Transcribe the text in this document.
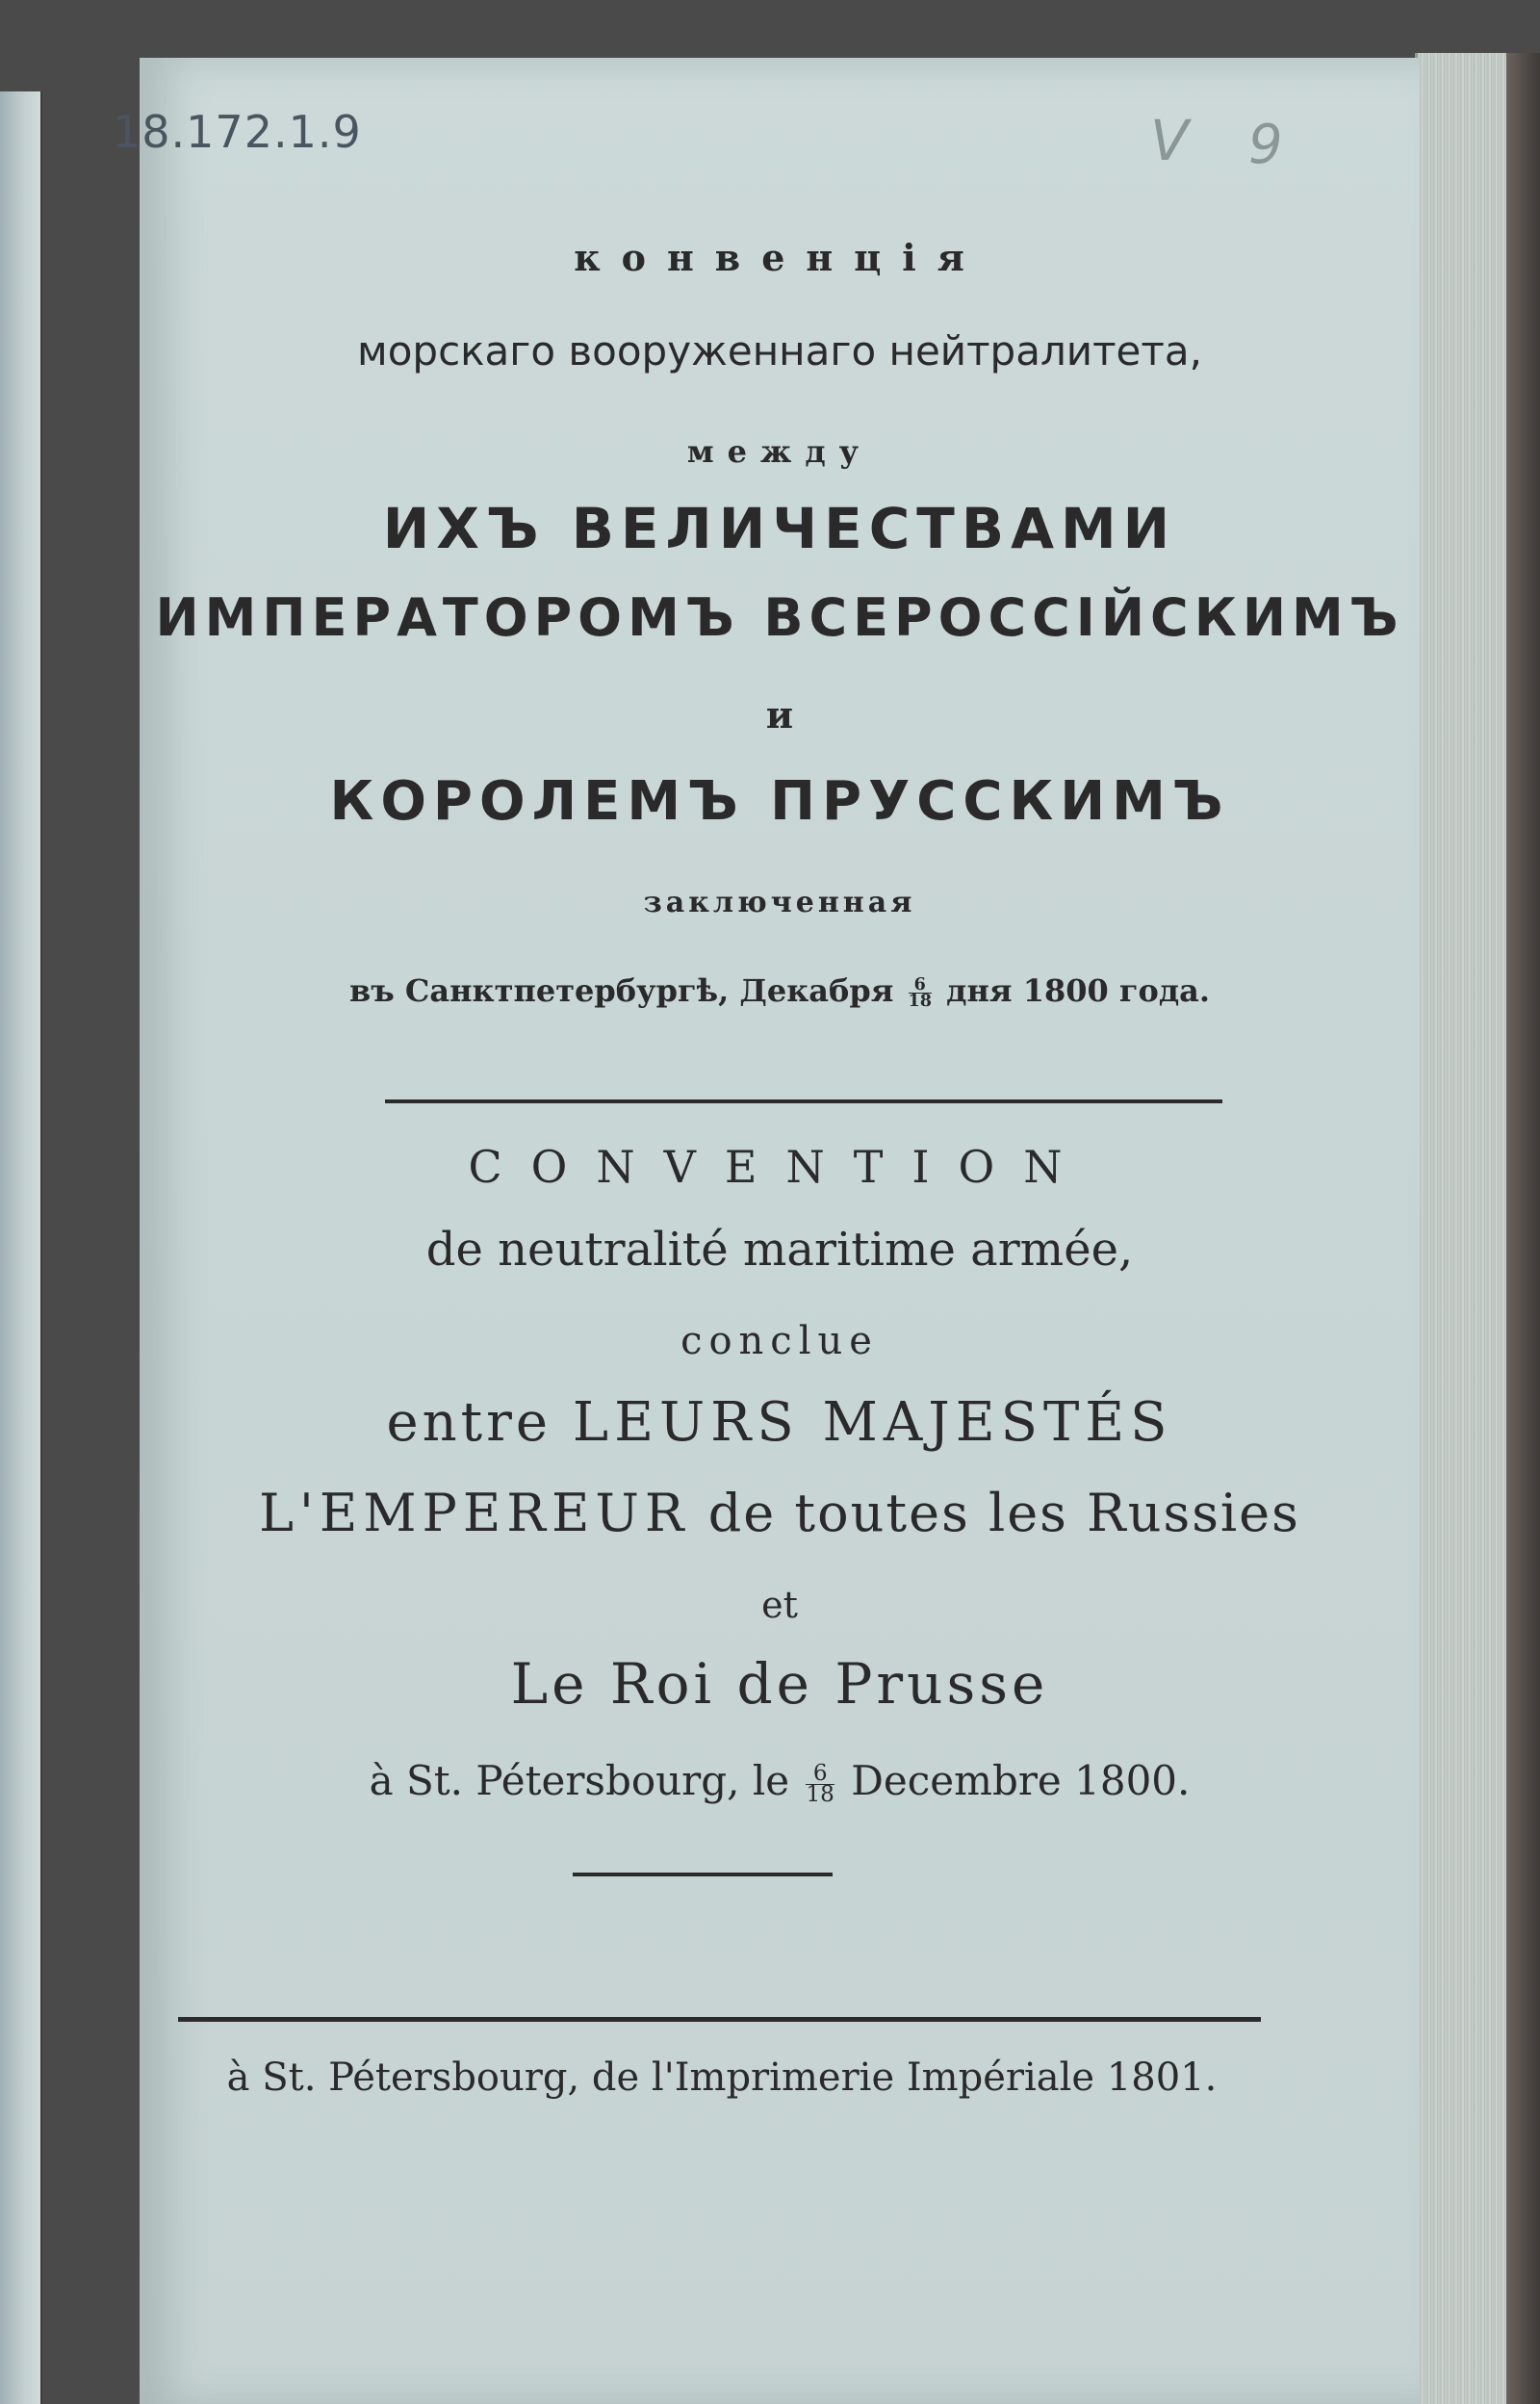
18.172.1.9	V 9
конвенція
морскаго вооруженнаго нейтралитета,
между
ИХЪ ВЕЛИЧЕСТВАМИ
ИМПЕРАТОРОМЪ ВСЕРОССІЙСКИМЪ
и
КОРОЛЕМЪ ПРУССКИМЪ
заключенная
въ Санктпетербургѣ, Декабря $\frac{6}{18}$ дня 1800 года.
CONVENTION
de neutralité maritime armée,
conclue
entre LEURS MAJESTÉS
L'EMPEREUR de toutes les Russies
et
Le Roi de Prusse
à St. Pétersbourg, le $\frac{6}{18}$ Decembre 1800.
à St. Pétersbourg, de l'Imprimerie Impériale 1801.
